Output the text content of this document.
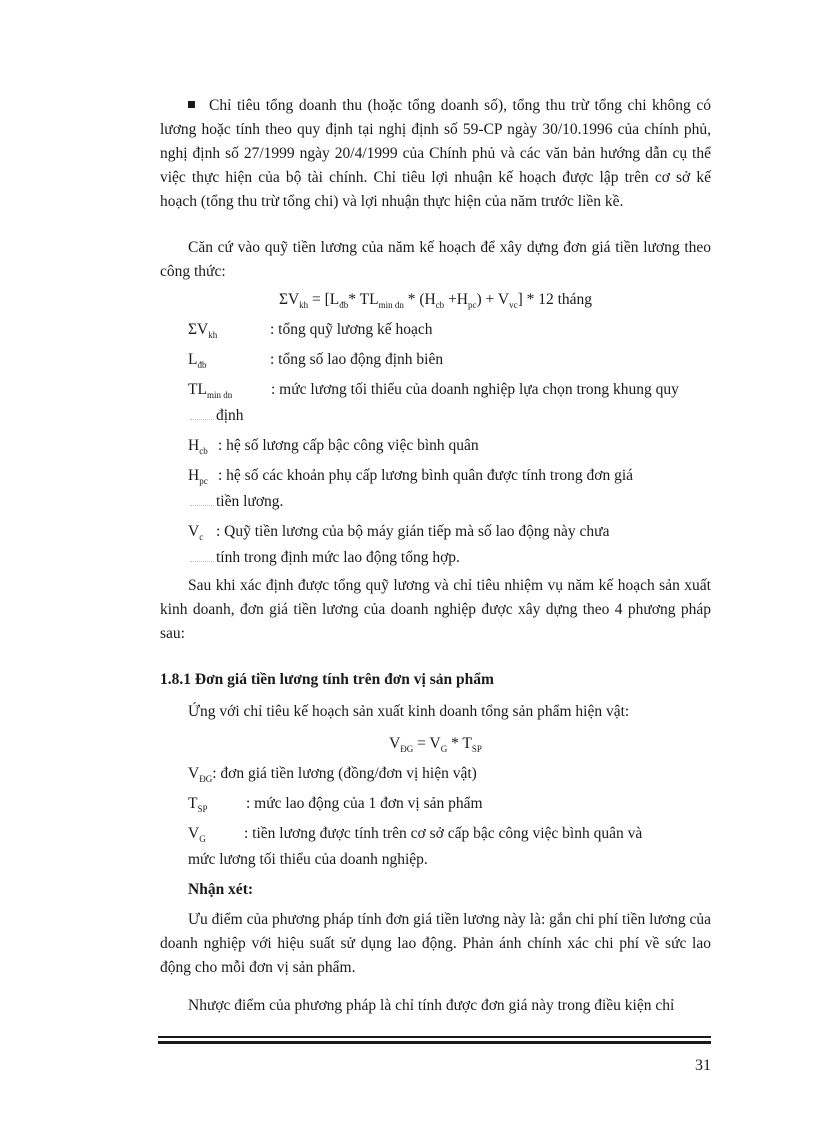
Chỉ tiêu tổng doanh thu (hoặc tổng doanh số), tổng thu trừ tổng chi không có lương hoặc tính theo quy định tại nghị định số 59-CP ngày 30/10.1996 của chính phủ, nghị định số 27/1999 ngày 20/4/1999 của Chính phủ và các văn bản hướng dẫn cụ thể việc thực hiện của bộ tài chính. Chỉ tiêu lợi nhuận kế hoạch được lập trên cơ sở kế hoạch (tổng thu trừ tổng chi) và lợi nhuận thực hiện của năm trước liền kề.

Căn cứ vào quỹ tiền lương của năm kế hoạch để xây dựng đơn giá tiền lương theo công thức:

$\Sigma V_{kh} = [L_{đb}*$ $TL_{min dn} * (H_{cb} +H_{pc}) + V_{vc}] * 12$ tháng
$\Sigma V_{kh}$	: tổng quỹ lương kế hoạch
$L_{đb}$	: tổng số lao động định biên
$TL_{min dn}$	: mức lương tối thiểu của doanh nghiệp lựa chọn trong khung quy
định
$H_{cb}$ : hệ số lương cấp bậc công việc bình quân
$H_{pc}$ : hệ số các khoản phụ cấp lương bình quân được tính trong đơn giá
tiền lương.
$V_c$ : Quỹ tiền lương của bộ máy gián tiếp mà số lao động này chưa
tính trong định mức lao động tổng hợp.

Sau khi xác định được tổng quỹ lương và chỉ tiêu nhiệm vụ năm kế hoạch sản xuất kinh doanh, đơn giá tiền lương của doanh nghiệp được xây dựng theo 4 phương pháp sau:

1.8.1 Đơn giá tiền lương tính trên đơn vị sản phẩm

Ứng với chỉ tiêu kế hoạch sản xuất kinh doanh tổng sản phẩm hiện vật:

$V_{ĐG} = V_G * T_{SP}$
$V_{ĐG}$: đơn giá tiền lương (đồng/đơn vị hiện vật)
$T_{SP}$ : mức lao động của 1 đơn vị sản phẩm
$V_G$ : tiền lương được tính trên cơ sở cấp bậc công việc bình quân và
mức lương tối thiểu của doanh nghiệp.
Nhận xét:

Ưu điểm của phương pháp tính đơn giá tiền lương này là: gắn chi phí tiền lương của doanh nghiệp với hiệu suất sử dụng lao động. Phản ánh chính xác chi phí về sức lao động cho mỗi đơn vị sản phẩm.

Nhược điểm của phương pháp là chỉ tính được đơn giá này trong điều kiện chỉ

31
